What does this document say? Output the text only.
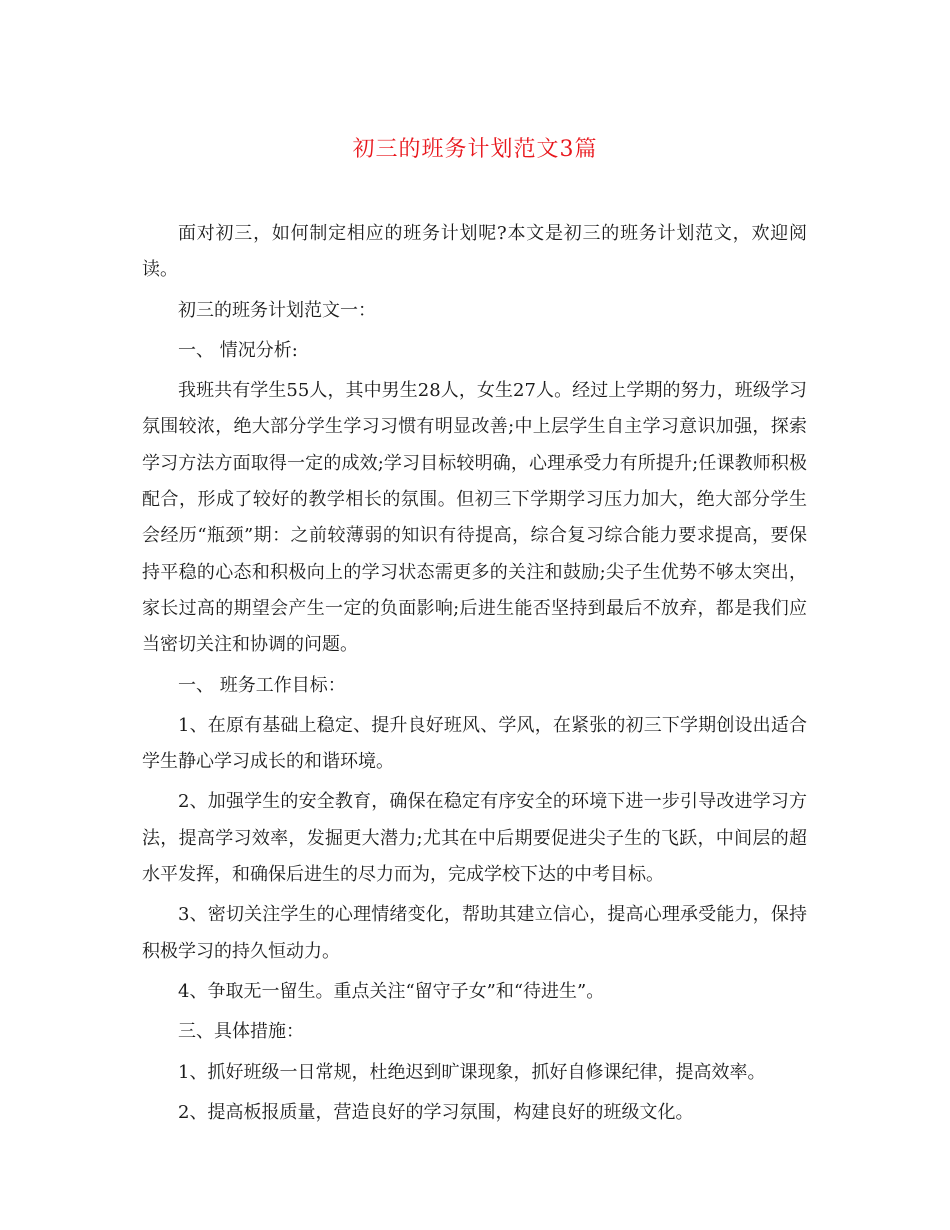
初三的班务计划范文3篇

面对初三，如何制定相应的班务计划呢?本文是初三的班务计划范文，欢迎阅读。

初三的班务计划范文一：

一、 情况分析:

我班共有学生55人，其中男生28人，女生27人。经过上学期的努力，班级学习氛围较浓，绝大部分学生学习习惯有明显改善;中上层学生自主学习意识加强，探索学习方法方面取得一定的成效;学习目标较明确，心理承受力有所提升;任课教师积极配合，形成了较好的教学相长的氛围。但初三下学期学习压力加大，绝大部分学生会经历“瓶颈”期：之前较薄弱的知识有待提高，综合复习综合能力要求提高，要保持平稳的心态和积极向上的学习状态需更多的关注和鼓励;尖子生优势不够太突出，家长过高的期望会产生一定的负面影响;后进生能否坚持到最后不放弃，都是我们应当密切关注和协调的问题。

一、 班务工作目标：

1、在原有基础上稳定、提升良好班风、学风，在紧张的初三下学期创设出适合学生静心学习成长的和谐环境。

2、加强学生的安全教育，确保在稳定有序安全的环境下进一步引导改进学习方法，提高学习效率，发掘更大潜力;尤其在中后期要促进尖子生的飞跃，中间层的超水平发挥，和确保后进生的尽力而为，完成学校下达的中考目标。

3、密切关注学生的心理情绪变化，帮助其建立信心，提高心理承受能力，保持积极学习的持久恒动力。

4、争取无一留生。重点关注“留守子女”和“待进生”。

三、具体措施：

1、抓好班级一日常规，杜绝迟到旷课现象，抓好自修课纪律，提高效率。

2、提高板报质量，营造良好的学习氛围，构建良好的班级文化。
